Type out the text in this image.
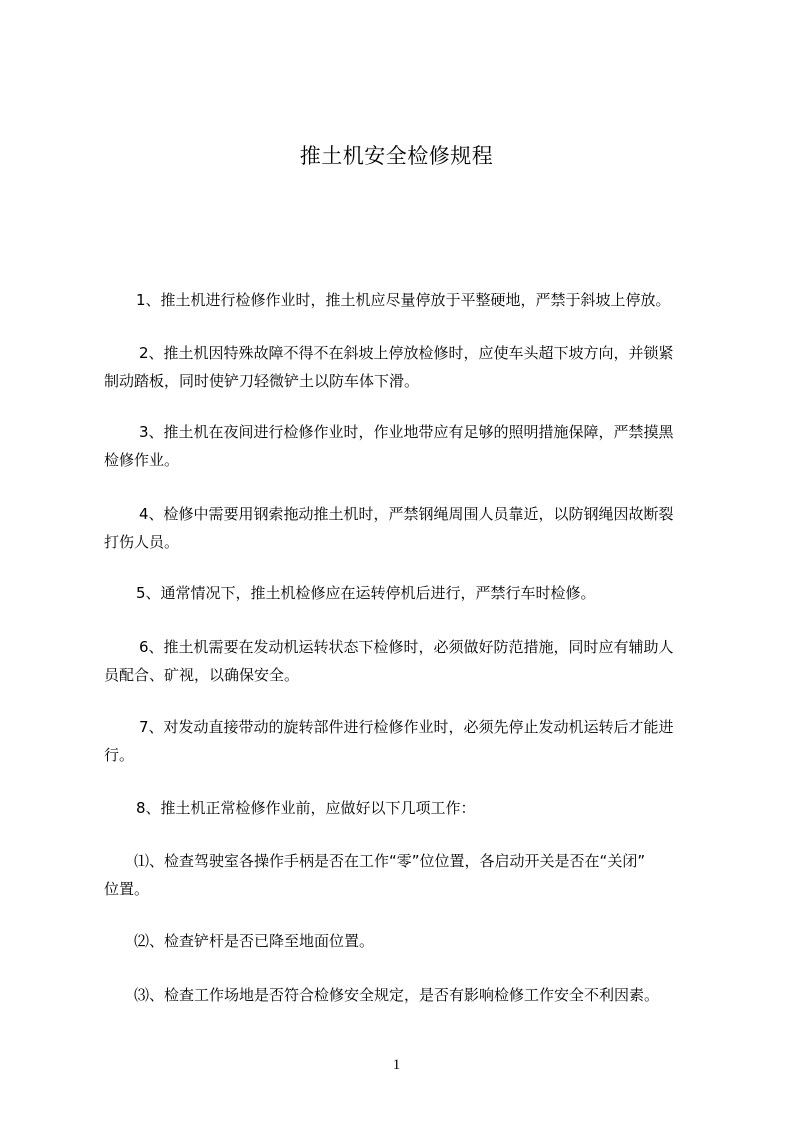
推土机安全检修规程

1、推土机进行检修作业时，推土机应尽量停放于平整硬地，严禁于斜坡上停放。

2、推土机因特殊故障不得不在斜坡上停放检修时，应使车头超下坡方向，并锁紧
制动踏板，同时使铲刀轻微铲土以防车体下滑。

3、推土机在夜间进行检修作业时，作业地带应有足够的照明措施保障，严禁摸黑
检修作业。

4、检修中需要用钢索拖动推土机时，严禁钢绳周围人员靠近，以防钢绳因故断裂
打伤人员。

5、通常情况下，推土机检修应在运转停机后进行，严禁行车时检修。

6、推土机需要在发动机运转状态下检修时，必须做好防范措施，同时应有辅助人
员配合、矿视，以确保安全。

7、对发动直接带动的旋转部件进行检修作业时，必须先停止发动机运转后才能进
行。

8、推土机正常检修作业前，应做好以下几项工作：

⑴、检查驾驶室各操作手柄是否在工作“零”位位置，各启动开关是否在“关闭”
位置。

⑵、检查铲杆是否已降至地面位置。

⑶、检查工作场地是否符合检修安全规定，是否有影响检修工作安全不利因素。

1
